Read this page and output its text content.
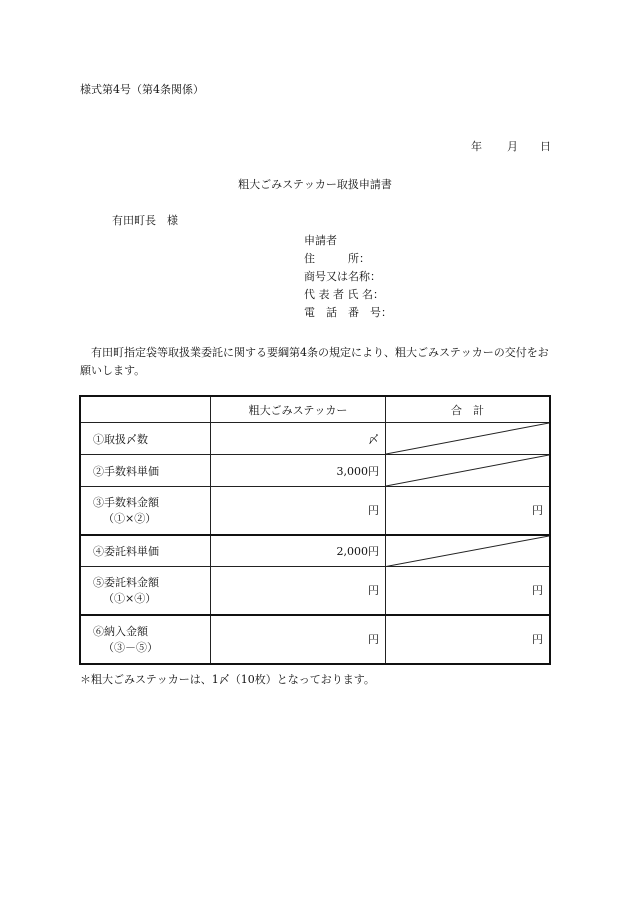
様式第4号（第4条関係）
年 月 日
粗大ごみステッカー取扱申請書
有田町長　様
申請者
住　　　所：
商号又は名称：
代 表 者 氏 名：
電　話　番　号：
有田町指定袋等取扱業委託に関する要綱第4条の規定により、粗大ごみステッカーの交付をお願いします。
	粗大ごみステッカー	合　計
①取扱〆数	〆	

②手数料単価	3,000円	

③手数料金額
（①×②）	円	円
④委託料単価	2,000円	

⑤委託料金額
（①×④）	円	円
⑥納入金額
（③－⑤）	円	円
＊粗大ごみステッカーは、1〆（10枚）となっております。
